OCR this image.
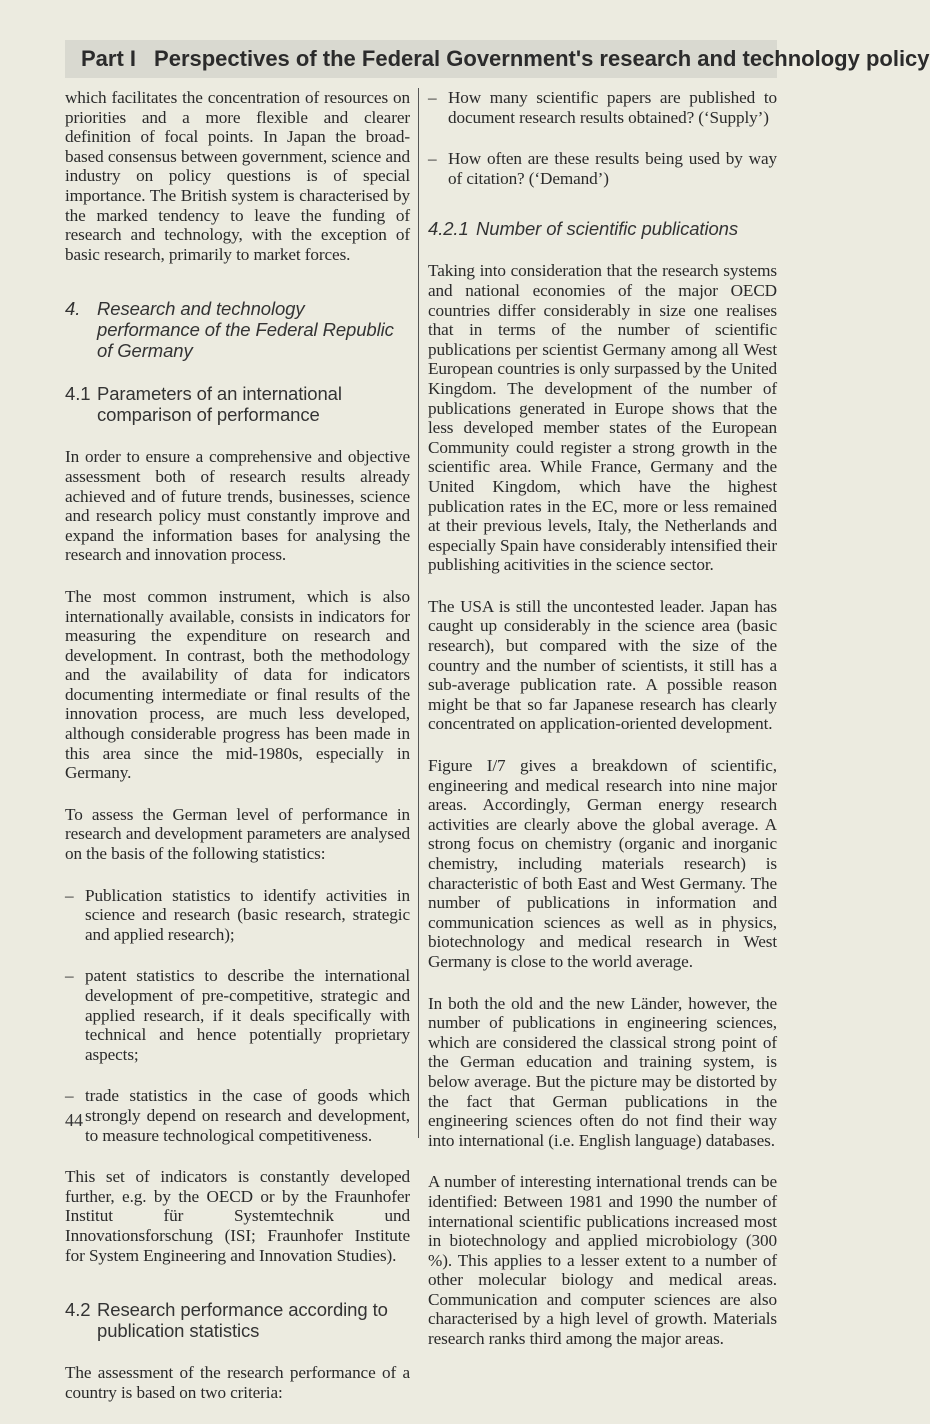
Part I Perspectives of the Federal Government's research and technology policy

which facilitates the concentration of resources on priorities and a more flexible and clearer definition of focal points. In Japan the broad-based consensus between government, science and industry on policy questions is of special importance. The British system is characterised by the marked tendency to leave the funding of research and technology, with the exception of basic research, primarily to market forces.

4. Research and technology performance of the Federal Republic of Germany
4.1 Parameters of an international comparison of performance

In order to ensure a comprehensive and objective assessment both of research results already achieved and of future trends, businesses, science and research policy must constantly improve and expand the information bases for analysing the research and innovation process.

The most common instrument, which is also internationally available, consists in indicators for measuring the expenditure on research and development. In contrast, both the methodology and the availability of data for indicators documenting intermediate or final results of the innovation process, are much less developed, although considerable progress has been made in this area since the mid-1980s, especially in Germany.

To assess the German level of performance in research and development parameters are analysed on the basis of the following statistics:

– Publication statistics to identify activities in science and research (basic research, strategic and applied research);
– patent statistics to describe the international development of pre-competitive, strategic and applied research, if it deals specifically with technical and hence potentially proprietary aspects;
– trade statistics in the case of goods which strongly depend on research and development, to measure technological competitiveness.

This set of indicators is constantly developed further, e.g. by the OECD or by the Fraunhofer Institut für Systemtechnik und Innovationsforschung (ISI; Fraunhofer Institute for System Engineering and Innovation Studies).

4.2 Research performance according to publication statistics

The assessment of the research performance of a country is based on two criteria:

– How many scientific papers are published to document research results obtained? (‘Supply’)
– How often are these results being used by way of citation? (‘Demand’)
4.2.1 Number of scientific publications

Taking into consideration that the research systems and national economies of the major OECD countries differ considerably in size one realises that in terms of the number of scientific publications per scientist Germany among all West European countries is only surpassed by the United Kingdom. The development of the number of publications generated in Europe shows that the less developed member states of the European Community could register a strong growth in the scientific area. While France, Germany and the United Kingdom, which have the highest publication rates in the EC, more or less remained at their previous levels, Italy, the Netherlands and especially Spain have considerably intensified their publishing acitivities in the science sector.

The USA is still the uncontested leader. Japan has caught up considerably in the science area (basic research), but compared with the size of the country and the number of scientists, it still has a sub-average publication rate. A possible reason might be that so far Japanese research has clearly concentrated on application-oriented development.

Figure I/7 gives a breakdown of scientific, engineering and medical research into nine major areas. Accordingly, German energy research activities are clearly above the global average. A strong focus on chemistry (organic and inorganic chemistry, including materials research) is characteristic of both East and West Germany. The number of publications in information and communication sciences as well as in physics, biotechnology and medical research in West Germany is close to the world average.

In both the old and the new Länder, however, the number of publications in engineering sciences, which are considered the classical strong point of the German education and training system, is below average. But the picture may be distorted by the fact that German publications in the engineering sciences often do not find their way into international (i.e. English language) databases.

A number of interesting international trends can be identified: Between 1981 and 1990 the number of international scientific publications increased most in biotechnology and applied microbiology (300 %). This applies to a lesser extent to a number of other molecular biology and medical areas. Communication and computer sciences are also characterised by a high level of growth. Materials research ranks third among the major areas.

44
